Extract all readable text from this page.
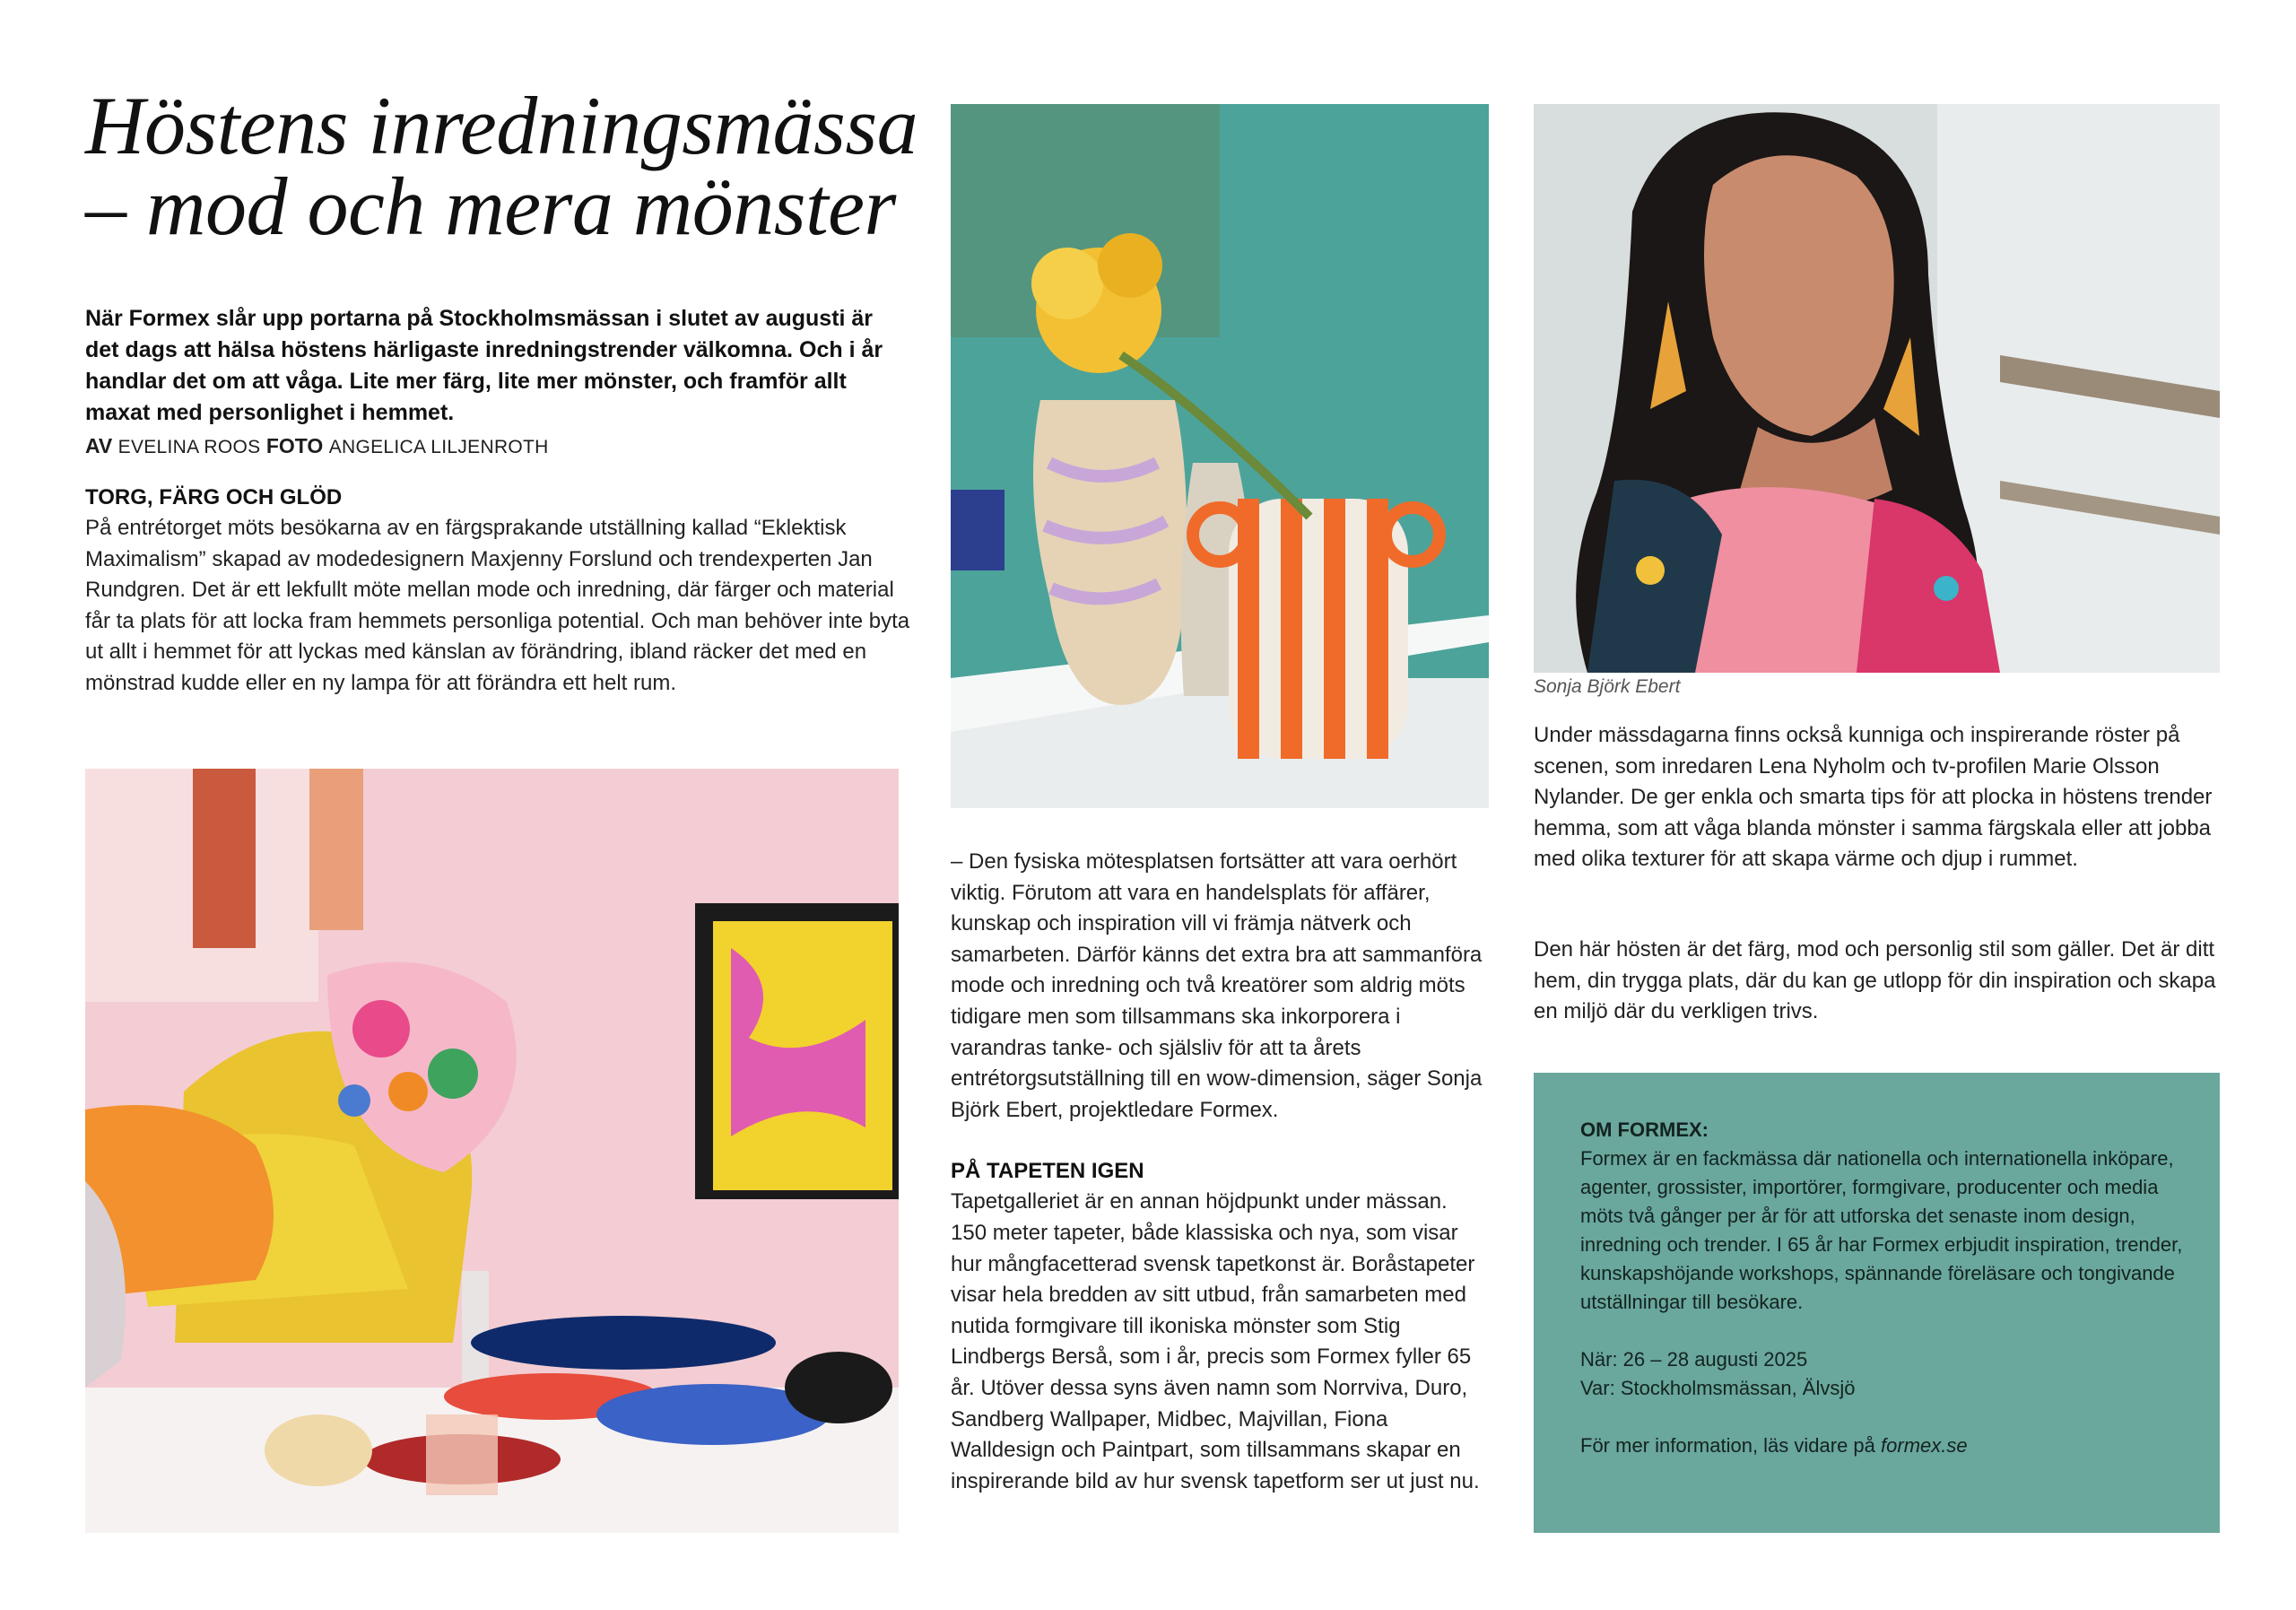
Höstens inredningsmässa
– mod och mera mönster
När Formex slår upp portarna på Stockholmsmässan i slutet av augusti är det dags att hälsa höstens härligaste inredningstrender välkomna. Och i år handlar det om att våga. Lite mer färg, lite mer mönster, och framför allt maxat med personlighet i hemmet.
AV EVELINA ROOS FOTO ANGELICA LILJENROTH
TORG, FÄRG OCH GLÖD
På entrétorget möts besökarna av en färgsprakande utställning kallad “Eklektisk Maximalism” skapad av modedesignern Maxjenny Forslund och trendexperten Jan Rundgren. Det är ett lekfullt möte mellan mode och inredning, där färger och material får ta plats för att locka fram hemmets personliga potential. Och man behöver inte byta ut allt i hemmet för att lyckas med känslan av förändring, ibland räcker det med en mönstrad kudde eller en ny lampa för att förändra ett helt rum.	Sonja Björk Ebert
– Den fysiska mötesplatsen fortsätter att vara oerhört viktig. Förutom att vara en handelsplats för affärer, kunskap och inspiration vill vi främja nätverk och samarbeten. Därför känns det extra bra att sammanföra mode och inredning och två kreatörer som aldrig möts tidigare men som tillsammans ska inkorporera i varandras tanke- och själsliv för att ta årets entrétorgsutställning till en wow-dimension, säger Sonja Björk Ebert, projektledare Formex.
PÅ TAPETEN IGEN
Tapetgalleriet är en annan höjdpunkt under mässan. 150 meter tapeter, både klassiska och nya, som visar hur mångfacetterad svensk tapetkonst är. Boråstapeter visar hela bredden av sitt utbud, från samarbeten med nutida formgivare till ikoniska mönster som Stig Lindbergs Berså, som i år, precis som Formex fyller 65 år. Utöver dessa syns även namn som Norrviva, Duro, Sandberg Wallpaper, Midbec, Majvillan, Fiona Walldesign och Paintpart, som tillsammans skapar en inspirerande bild av hur svensk tapetform ser ut just nu.
Under mässdagarna finns också kunniga och inspirerande röster på scenen, som inredaren Lena Nyholm och tv-profilen Marie Olsson Nylander. De ger enkla och smarta tips för att plocka in höstens trender hemma, som att våga blanda mönster i samma färgskala eller att jobba med olika texturer för att skapa värme och djup i rummet.
Den här hösten är det färg, mod och personlig stil som gäller. Det är ditt hem, din trygga plats, där du kan ge utlopp för din inspiration och skapa en miljö där du verkligen trivs.

OM FORMEX:

Formex är en fackmässa där nationella och internationella inköpare, agenter, grossister, importörer, formgivare, producenter och media möts två gånger per år för att utforska det senaste inom design, inredning och trender. I 65 år har Formex erbjudit inspiration, trender, kunskapshöjande workshops, spännande föreläsare och tongivande utställningar till besökare.

När: 26 – 28 augusti 2025

Var: Stockholmsmässan, Älvsjö

För mer information, läs vidare på formex.se
